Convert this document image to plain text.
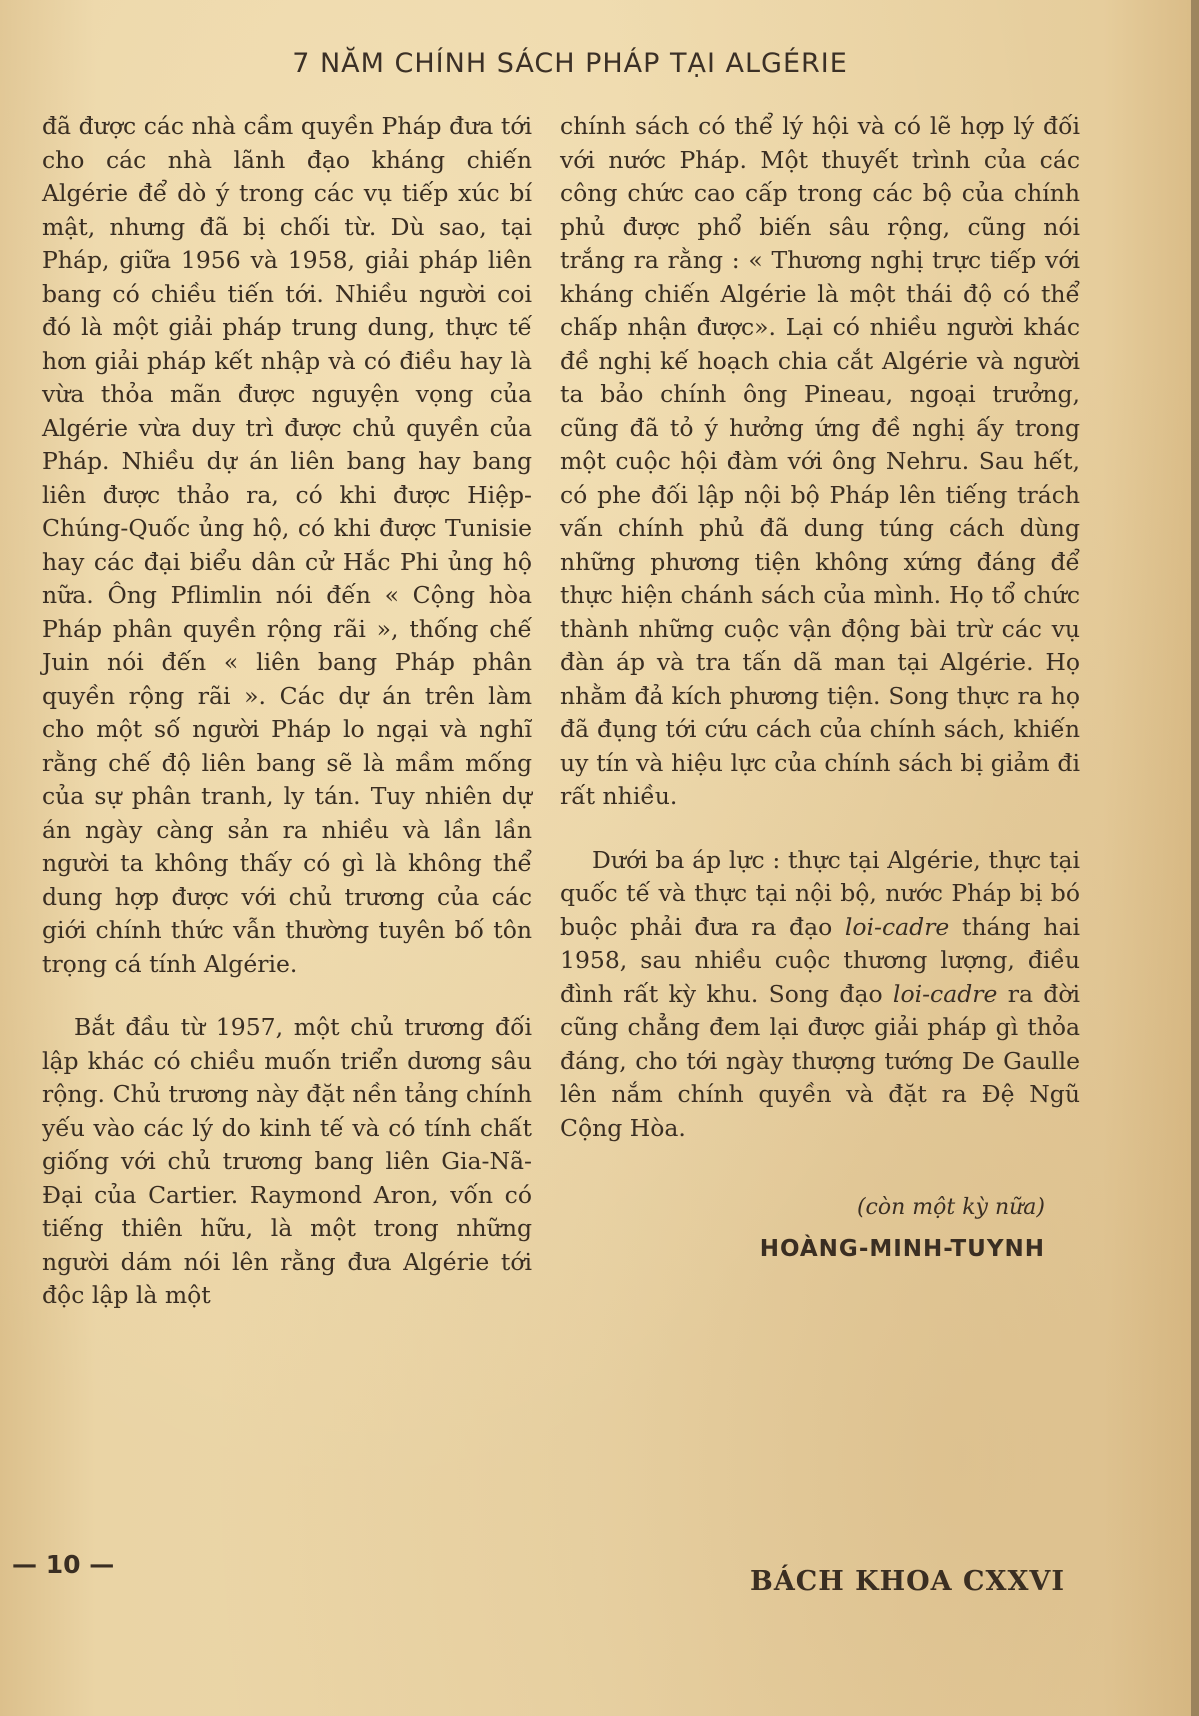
7 NĂM CHÍNH SÁCH PHÁP TẠI ALGÉRIE

đã được các nhà cầm quyền Pháp đưa tới cho các nhà lãnh đạo kháng chiến Algérie để dò ý trong các vụ tiếp xúc bí mật, nhưng đã bị chối từ. Dù sao, tại Pháp, giữa 1956 và 1958, giải pháp liên bang có chiều tiến tới. Nhiều người coi đó là một giải pháp trung dung, thực tế hơn giải pháp kết nhập và có điều hay là vừa thỏa mãn được nguyện vọng của Algérie vừa duy trì được chủ quyền của Pháp. Nhiều dự án liên bang hay bang liên được thảo ra, có khi được Hiệp-Chúng-Quốc ủng hộ, có khi được Tunisie hay các đại biểu dân cử Hắc Phi ủng hộ nữa. Ông Pflimlin nói đến « Cộng hòa Pháp phân quyền rộng rãi », thống chế Juin nói đến « liên bang Pháp phân quyền rộng rãi ». Các dự án trên làm cho một số người Pháp lo ngại và nghĩ rằng chế độ liên bang sẽ là mầm mống của sự phân tranh, ly tán. Tuy nhiên dự án ngày càng sản ra nhiều và lần lần người ta không thấy có gì là không thể dung hợp được với chủ trương của các giới chính thức vẫn thường tuyên bố tôn trọng cá tính Algérie.

Bắt đầu từ 1957, một chủ trương đối lập khác có chiều muốn triển dương sâu rộng. Chủ trương này đặt nền tảng chính yếu vào các lý do kinh tế và có tính chất giống với chủ trương bang liên Gia-Nã-Đại của Cartier. Raymond Aron, vốn có tiếng thiên hữu, là một trong những người dám nói lên rằng đưa Algérie tới độc lập là một

chính sách có thể lý hội và có lẽ hợp lý đối với nước Pháp. Một thuyết trình của các công chức cao cấp trong các bộ của chính phủ được phổ biến sâu rộng, cũng nói trắng ra rằng : « Thương nghị trực tiếp với kháng chiến Algérie là một thái độ có thể chấp nhận được». Lại có nhiều người khác đề nghị kế hoạch chia cắt Algérie và người ta bảo chính ông Pineau, ngoại trưởng, cũng đã tỏ ý hưởng ứng đề nghị ấy trong một cuộc hội đàm với ông Nehru. Sau hết, có phe đối lập nội bộ Pháp lên tiếng trách vấn chính phủ đã dung túng cách dùng những phương tiện không xứng đáng để thực hiện chánh sách của mình. Họ tổ chức thành những cuộc vận động bài trừ các vụ đàn áp và tra tấn dã man tại Algérie. Họ nhằm đả kích phương tiện. Song thực ra họ đã đụng tới cứu cách của chính sách, khiến uy tín và hiệu lực của chính sách bị giảm đi rất nhiều.

Dưới ba áp lực : thực tại Algérie, thực tại quốc tế và thực tại nội bộ, nước Pháp bị bó buộc phải đưa ra đạo loi-cadre tháng hai 1958, sau nhiều cuộc thương lượng, điều đình rất kỳ khu. Song đạo loi-cadre ra đời cũng chẳng đem lại được giải pháp gì thỏa đáng, cho tới ngày thượng tướng De Gaulle lên nắm chính quyền và đặt ra Đệ Ngũ Cộng Hòa.

(còn một kỳ nữa)
HOÀNG-MINH-TUYNH
— 10 —
BÁCH KHOA CXXVI
